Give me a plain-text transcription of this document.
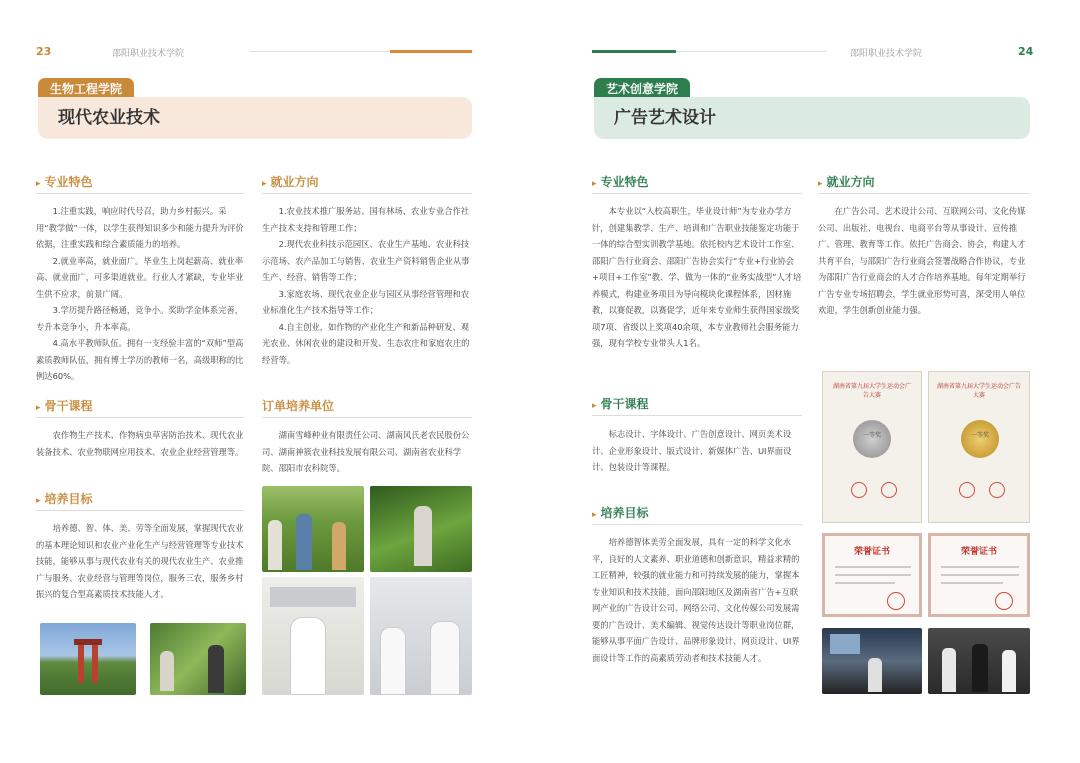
23	邵阳职业技术学院
生物工程学院
现代农业技术
▸ 专业特色

1.注重实践，响应时代号召，助力乡村振兴。采用“教学做”一体，以学生获得知识多少和能力提升为评价依据，注重实践和综合素质能力的培养。

2.就业率高，就业面广。毕业生上岗起薪高、就业率高、就业面广，可多渠道就业。行业人才紧缺，专业毕业生供不应求，前景广阔。

3.学历提升路径畅通，竞争小。奖助学金体系完善，专升本竞争小，升本率高。

4.高水平教师队伍。拥有一支经验丰富的“双师”型高素质教师队伍，拥有博士学历的教师一名，高级职称的比例达60%。

▸ 骨干课程

农作物生产技术、作物病虫草害防治技术、现代农业装备技术、农业物联网应用技术、农业企业经营管理等。

▸ 培养目标

培养德、智、体、美、劳等全面发展，掌握现代农业的基本理论知识和农业产业化生产与经营管理等专业技术技能，能够从事与现代农业有关的现代农业生产、农业推广与服务、农业经营与管理等岗位，服务三农，服务乡村振兴的复合型高素质技术技能人才。

▸ 就业方向

1.农业技术推广服务站、国有林场、农业专业合作社生产技术支持和管理工作；

2.现代农业科技示范园区、农业生产基地、农业科技示范场、农产品加工与销售、农业生产资料销售企业从事生产、经营、销售等工作；

3.家庭农场、现代农业企业与园区从事经营管理和农业标准化生产技术指导等工作；

4.自主创业，如作物的产业化生产和新品种研发、观光农业、休闲农业的建设和开发、生态农庄和家庭农庄的经营等。

订单培养单位

湖南雪峰种业有限责任公司、湖南风氏老农民股份公司、湖南神簇农业科技发展有限公司、湖南省农业科学院、邵阳市农科院等。

邵阳职业技术学院	24
艺术创意学院
广告艺术设计
▸ 专业特色

本专业以“入校高职生，毕业设计师”为专业办学方针，创建集教学、生产、培训和广告职业技能鉴定功能于一体的综合型实训教学基地。依托校内艺术设计工作室、邵阳广告行业商会、邵阳广告协会实行“专业+行业协会+项目+工作室”教、学、做为一体的“业务实战型”人才培养模式，构建业务项目为导向模块化课程体系，因材施教，以赛促教，以赛促学，近年来专业师生获得国家级奖项7项、省级以上奖项40余项，本专业教师社会服务能力强，现有学校专业带头人1名。

▸ 骨干课程

标志设计、字体设计、广告创意设计、网页美术设计、企业形象设计、版式设计、新媒体广告、UI界面设计、包装设计等课程。

▸ 培养目标

培养德智体美劳全面发展，具有一定的科学文化水平，良好的人文素养、职业道德和创新意识，精益求精的工匠精神，较强的就业能力和可持续发展的能力，掌握本专业知识和技术技能，面向邵阳地区及湖南省广告+互联网产业的广告设计公司、网络公司、文化传媒公司发展需要的广告设计、美术编辑、视觉传达设计等职业岗位群，能够从事平面广告设计、品牌形象设计、网页设计、UI界面设计等工作的高素质劳动者和技术技能人才。

▸ 就业方向

在广告公司、艺术设计公司、互联网公司、文化传媒公司、出版社、电视台、电商平台等从事设计、宣传推广、管理、教育等工作。依托广告商会、协会，构建人才共育平台，与邵阳广告行业商会签署战略合作协议，专业为邵阳广告行业商会的人才合作培养基地。每年定期举行广告专业专场招聘会，学生就业形势可喜，深受用人单位欢迎，学生创新创业能力强。

湖南省第九届大学生运动会广告大赛
一等奖
湖南省第九届大学生运动会广告大赛
一等奖
荣誉证书	荣誉证书
